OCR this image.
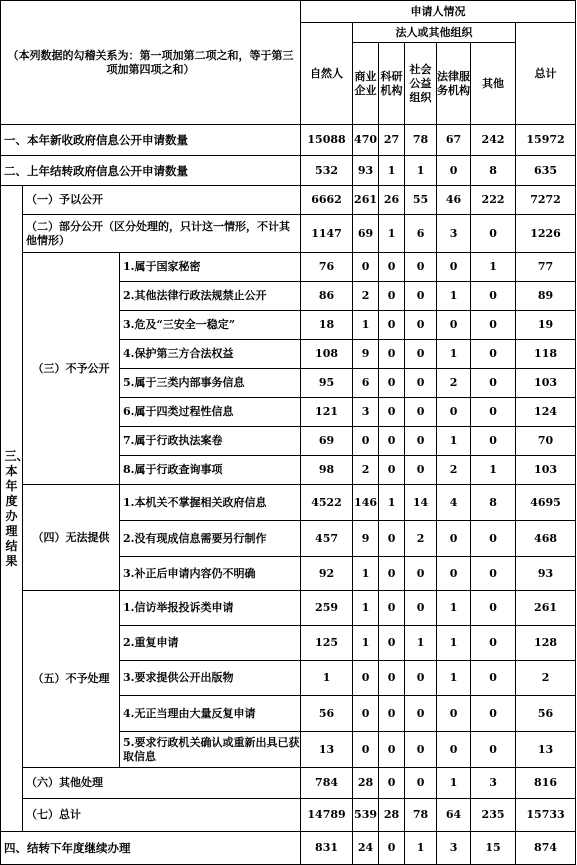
（本列数据的勾稽关系为：第一项加第二项之和，等于第三项加第四项之和）			申请人情况						
			自然人	法人或其他组织					总计
				商业企业	科研机构	社会公益组织	法律服务机构	其他	
一、本年新收政府信息公开申请数量			15088	470	27	78	67	242	15972
二、上年结转政府信息公开申请数量			532	93	1	1	0	8	635

三、本年度办理结果	（一）予以公开		6662	261	26	55	46	222	7272
	（二）部分公开（区分处理的，只计这一情形，不计其他情形）		1147	69	1	6	3	0	1226
	（三）不予公开	1.属于国家秘密	76	0	0	0	0	1	77
		2.其他法律行政法规禁止公开	86	2	0	0	1	0	89
		3.危及“三安全一稳定”	18	1	0	0	0	0	19
		4.保护第三方合法权益	108	9	0	0	1	0	118
		5.属于三类内部事务信息	95	6	0	0	2	0	103
		6.属于四类过程性信息	121	3	0	0	0	0	124
		7.属于行政执法案卷	69	0	0	0	1	0	70
		8.属于行政查询事项	98	2	0	0	2	1	103
	（四）无法提供	1.本机关不掌握相关政府信息	4522	146	1	14	4	8	4695
		2.没有现成信息需要另行制作	457	9	0	2	0	0	468
		3.补正后申请内容仍不明确	92	1	0	0	0	0	93
	（五）不予处理	1.信访举报投诉类申请	259	1	0	0	1	0	261
		2.重复申请	125	1	0	1	1	0	128
		3.要求提供公开出版物	1	0	0	0	1	0	2
		4.无正当理由大量反复申请	56	0	0	0	0	0	56
		5.要求行政机关确认或重新出具已获取信息	13	0	0	0	0	0	13
	（六）其他处理		784	28	0	0	1	3	816
	（七）总计		14789	539	28	78	64	235	15733
四、结转下年度继续办理			831	24	0	1	3	15	874
